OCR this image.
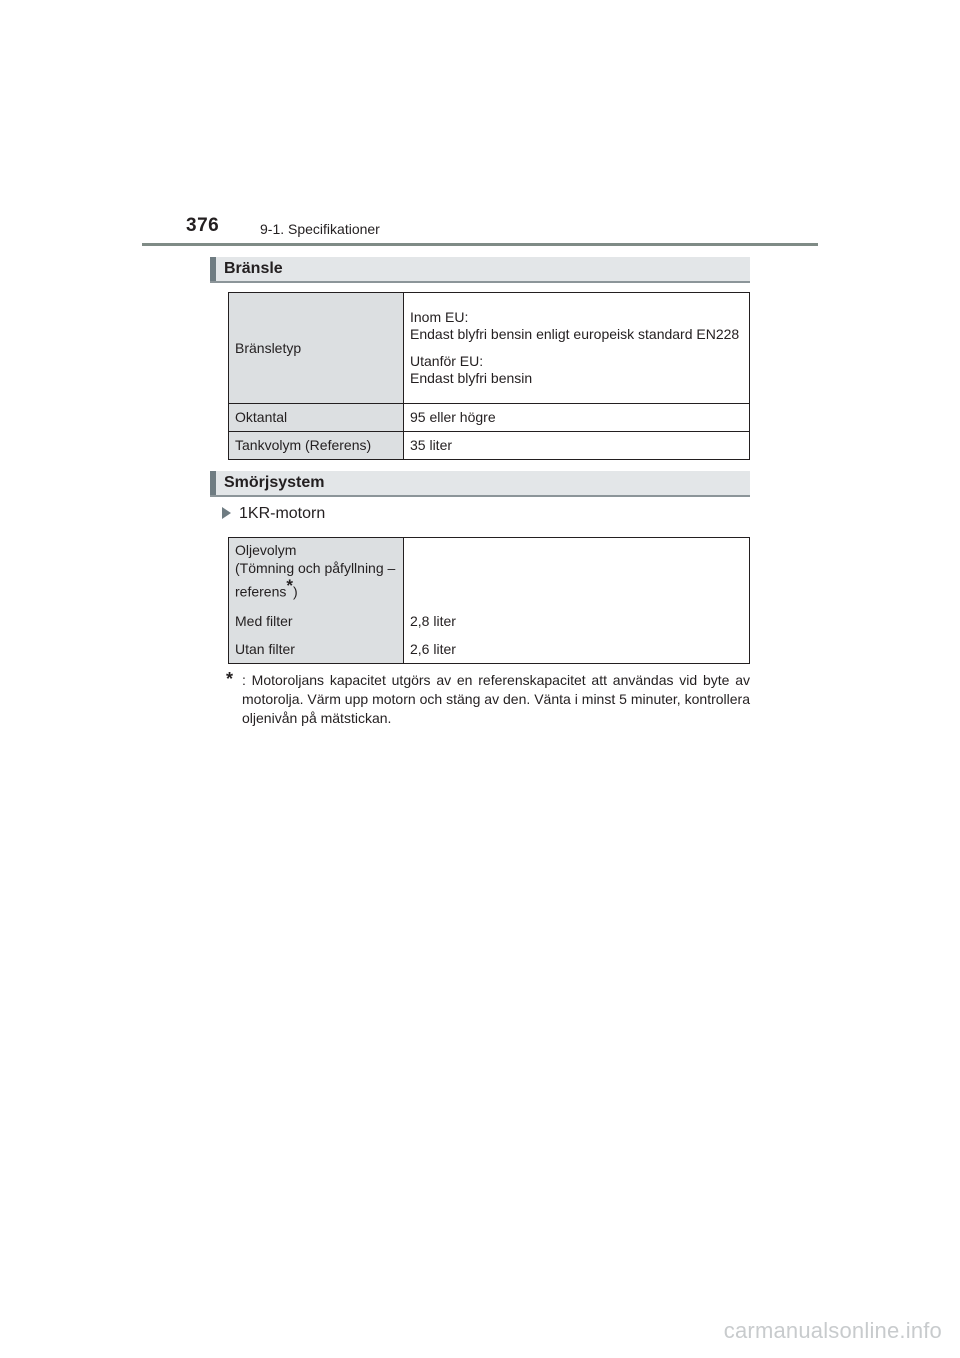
376	9-1. Specifikationer
Bränsle
Bränsletyp	Inom EU:

Endast blyfri bensin enligt europeisk standard EN228

Utanför EU:

Endast blyfri bensin

Oktantal	95 eller högre
Tankvolym (Referens)	35 liter
Smörjsystem
1KR-motorn
Oljevolym
(Tömning och påfyllning –
referens*)	
Med filter	2,8 liter
Utan filter	2,6 liter
* : Motoroljans kapacitet utgörs av en referenskapacitet att användas vid byte av motorolja. Värm upp motorn och stäng av den. Vänta i minst 5 minuter, kontrollera oljenivån på mätstickan.
carmanualsonline.info
